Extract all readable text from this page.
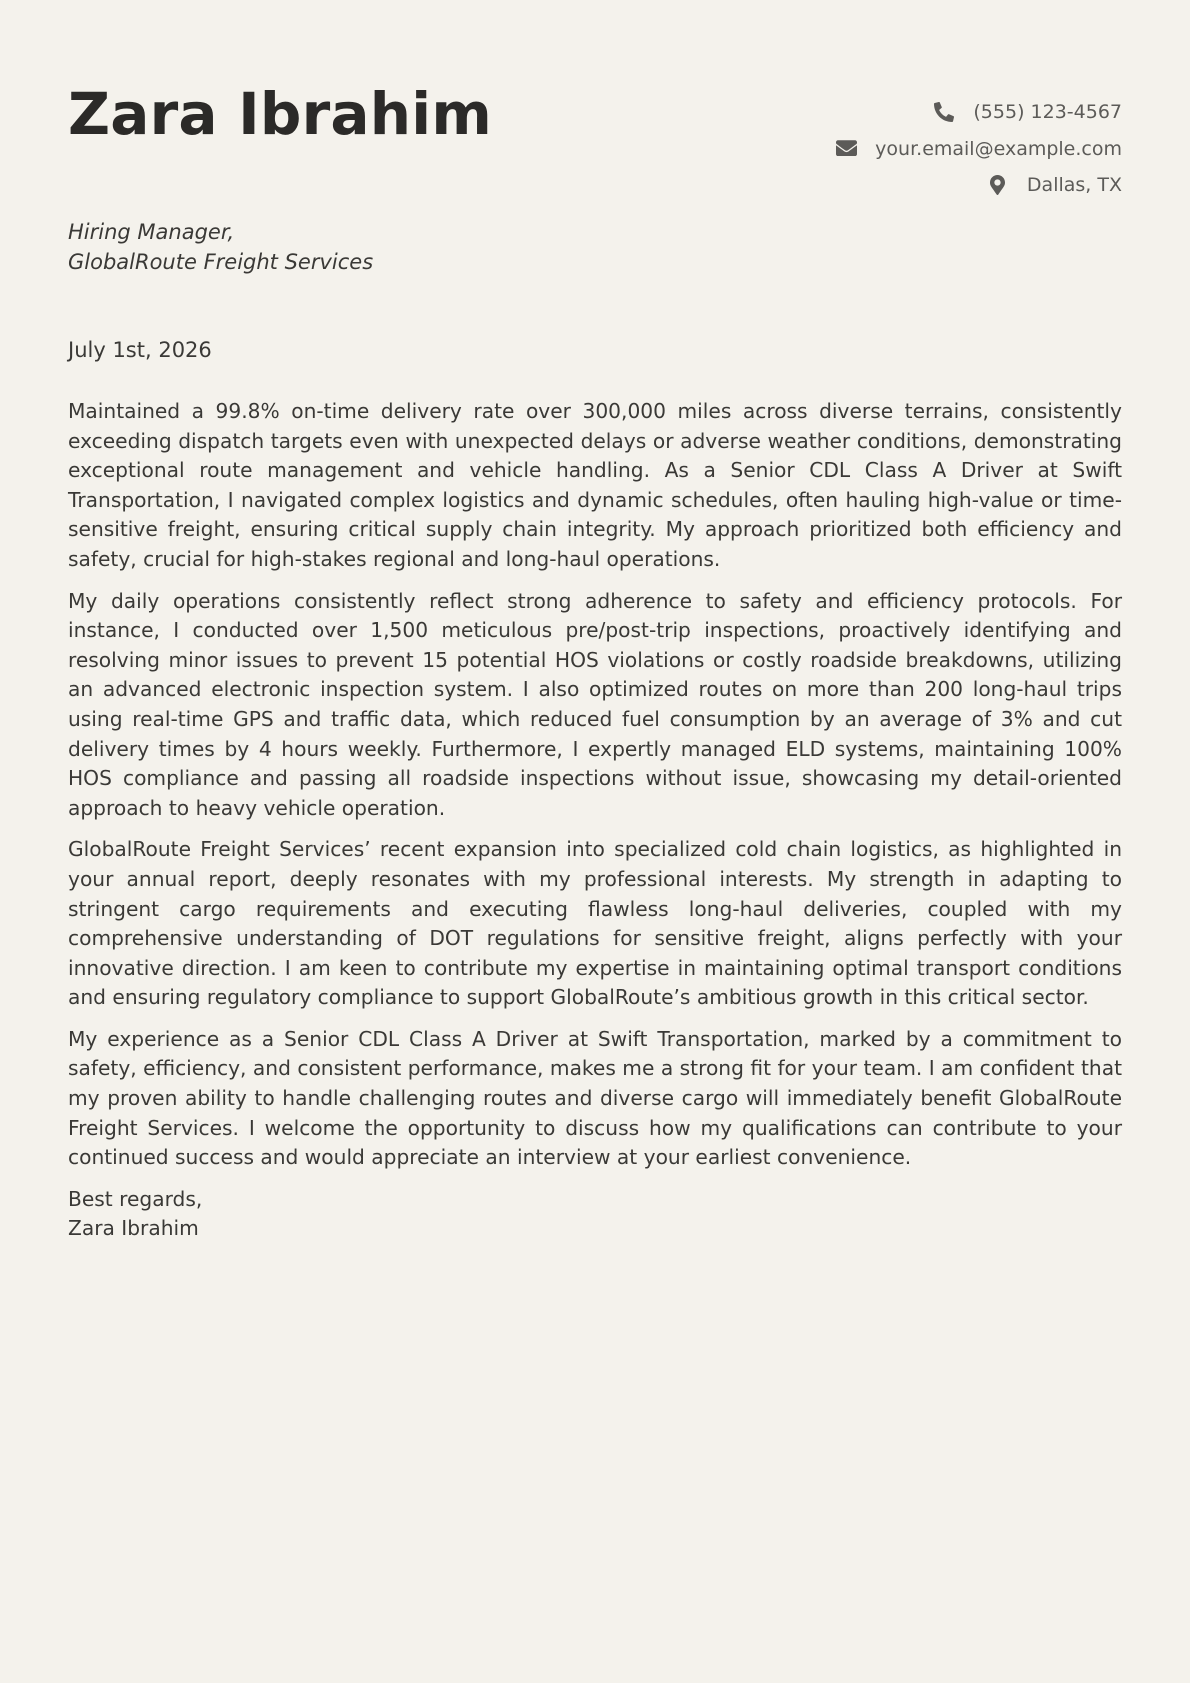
Zara Ibrahim	(555) 123-4567
your.email@example.com
Dallas, TX
Hiring Manager,
GlobalRoute Freight Services
July 1st, 2026

Maintained a 99.8% on-time delivery rate over 300,000 miles across diverse terrains, consistently exceeding dispatch targets even with unexpected delays or adverse weather conditions, demonstrating exceptional route management and vehicle handling. As a Senior CDL Class A Driver at Swift Transportation, I navigated complex logistics and dynamic schedules, often hauling high-value or time-sensitive freight, ensuring critical supply chain integrity. My approach prioritized both efficiency and safety, crucial for high-stakes regional and long-haul operations.

My daily operations consistently reflect strong adherence to safety and efficiency protocols. For instance, I conducted over 1,500 meticulous pre/post-trip inspections, proactively identifying and resolving minor issues to prevent 15 potential HOS violations or costly roadside breakdowns, utilizing an advanced electronic inspection system. I also optimized routes on more than 200 long-haul trips using real-time GPS and traffic data, which reduced fuel consumption by an average of 3% and cut delivery times by 4 hours weekly. Furthermore, I expertly managed ELD systems, maintaining 100% HOS compliance and passing all roadside inspections without issue, showcasing my detail-oriented approach to heavy vehicle operation.

GlobalRoute Freight Services’ recent expansion into specialized cold chain logistics, as highlighted in your annual report, deeply resonates with my professional interests. My strength in adapting to stringent cargo requirements and executing flawless long-haul deliveries, coupled with my comprehensive understanding of DOT regulations for sensitive freight, aligns perfectly with your innovative direction. I am keen to contribute my expertise in maintaining optimal transport conditions and ensuring regulatory compliance to support GlobalRoute’s ambitious growth in this critical sector.

My experience as a Senior CDL Class A Driver at Swift Transportation, marked by a commitment to safety, efficiency, and consistent performance, makes me a strong fit for your team. I am confident that my proven ability to handle challenging routes and diverse cargo will immediately benefit GlobalRoute Freight Services. I welcome the opportunity to discuss how my qualifications can contribute to your continued success and would appreciate an interview at your earliest convenience.

Best regards,
Zara Ibrahim
